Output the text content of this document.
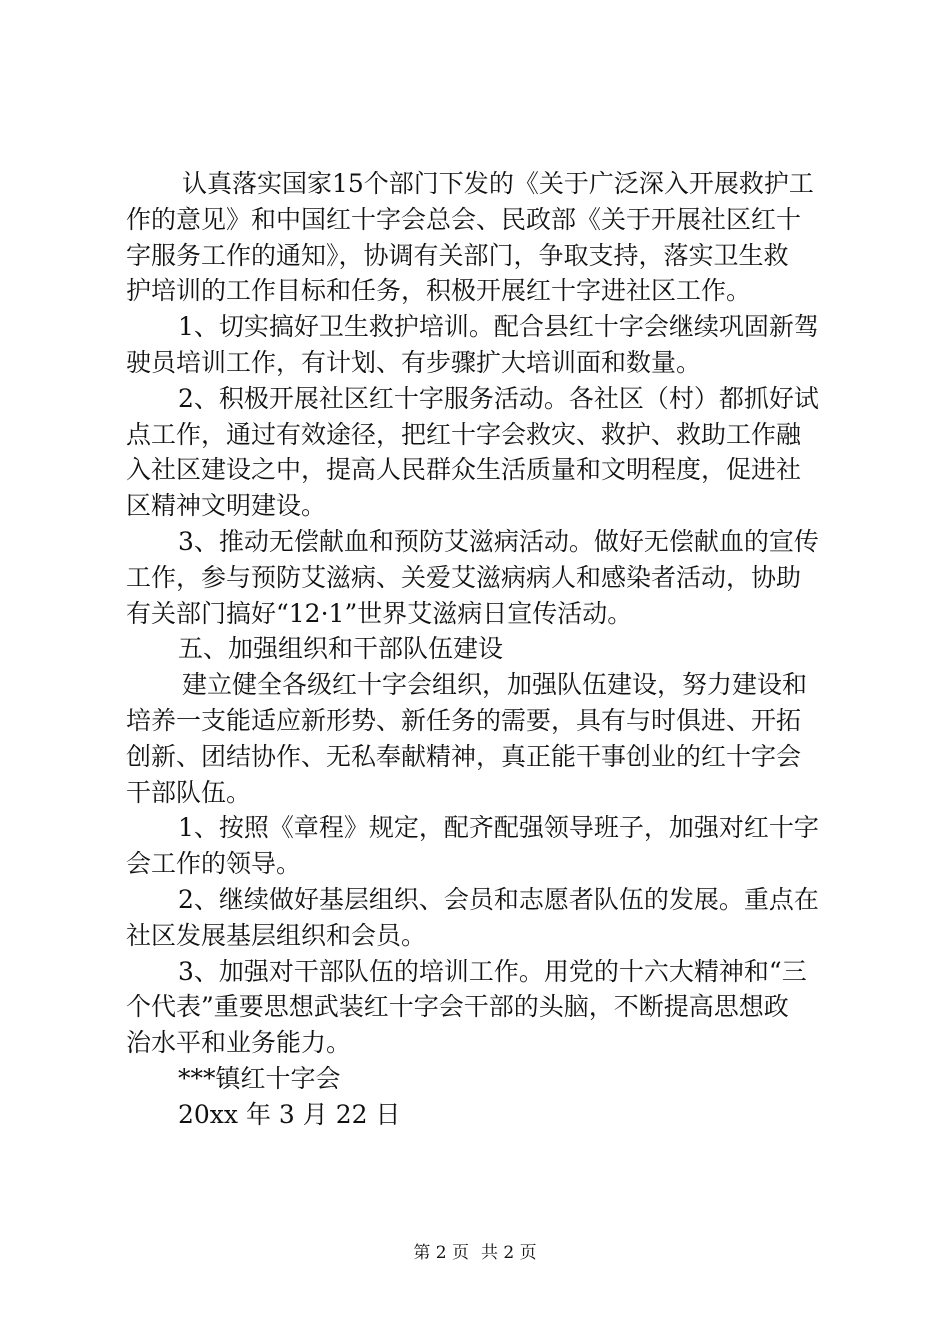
认真落实国家15个部门下发的《关于广泛深入开展救护工
作的意见》和中国红十字会总会、民政部《关于开展社区红十
字服务工作的通知》，协调有关部门，争取支持，落实卫生救
护培训的工作目标和任务，积极开展红十字进社区工作。
1、切实搞好卫生救护培训。配合县红十字会继续巩固新驾
驶员培训工作，有计划、有步骤扩大培训面和数量。
2、积极开展社区红十字服务活动。各社区（村）都抓好试
点工作，通过有效途径，把红十字会救灾、救护、救助工作融
入社区建设之中，提高人民群众生活质量和文明程度，促进社
区精神文明建设。
3、推动无偿献血和预防艾滋病活动。做好无偿献血的宣传
工作，参与预防艾滋病、关爱艾滋病病人和感染者活动，协助
有关部门搞好“12·1”世界艾滋病日宣传活动。
五、加强组织和干部队伍建设
建立健全各级红十字会组织，加强队伍建设，努力建设和
培养一支能适应新形势、新任务的需要，具有与时俱进、开拓
创新、团结协作、无私奉献精神，真正能干事创业的红十字会
干部队伍。
1、按照《章程》规定，配齐配强领导班子，加强对红十字
会工作的领导。
2、继续做好基层组织、会员和志愿者队伍的发展。重点在
社区发展基层组织和会员。
3、加强对干部队伍的培训工作。用党的十六大精神和“三
个代表”重要思想武装红十字会干部的头脑，不断提高思想政
治水平和业务能力。
***镇红十字会
20xx 年 3 月 22 日
第 2 页 共 2 页
